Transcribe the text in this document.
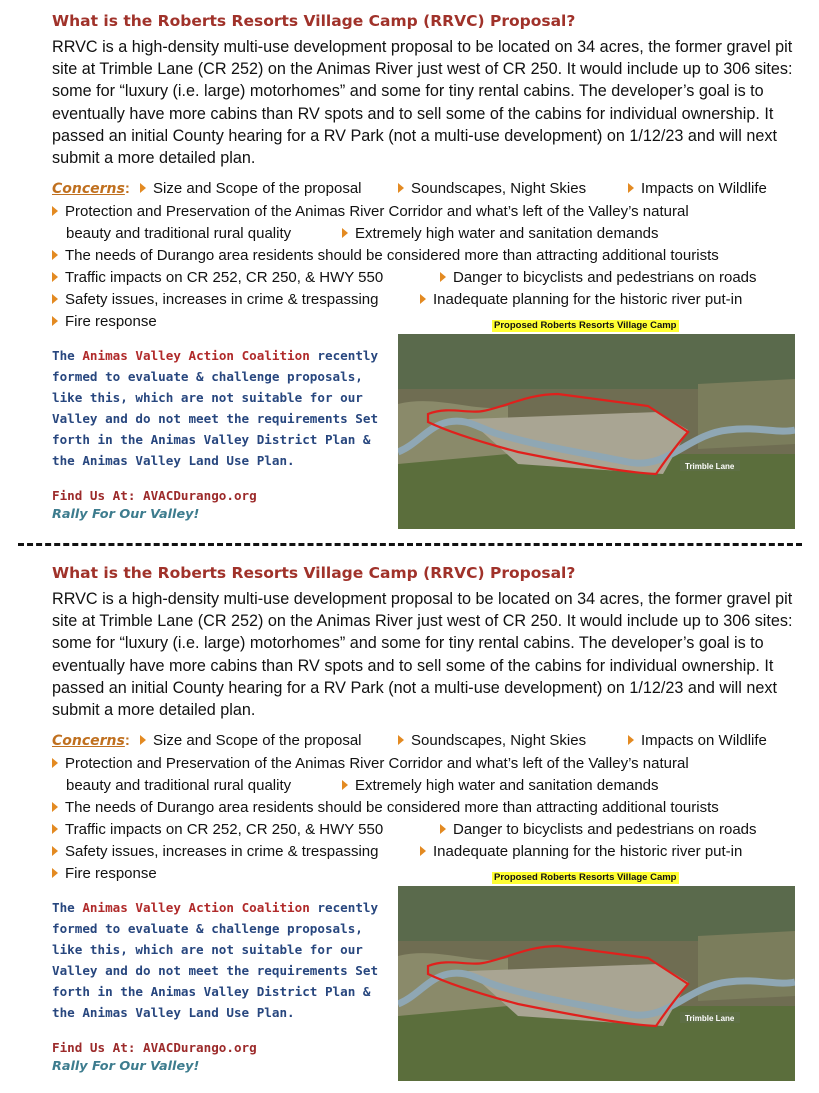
What is the Roberts Resorts Village Camp (RRVC) Proposal?

RRVC is a high-density multi-use development proposal to be located on 34 acres, the former gravel pit site at Trimble Lane (CR 252) on the Animas River just west of CR 250. It would include up to 306 sites: some for “luxury (i.e. large) motorhomes” and some for tiny rental cabins. The developer’s goal is to eventually have more cabins than RV spots and to sell some of the cabins for individual ownership. It passed an initial County hearing for a RV Park (not a multi-use development) on 1/12/23 and will next submit a more detailed plan.

Concerns: Size and Scope of the proposal	Soundscapes, Night Skies	Impacts on Wildlife
Protection and Preservation of the Animas River Corridor and what’s left of the Valley’s natural
beauty and traditional rural quality	Extremely high water and sanitation demands
The needs of Durango area residents should be considered more than attracting additional tourists
Traffic impacts on CR 252, CR 250, & HWY 550	Danger to bicyclists and pedestrians on roads
Safety issues, increases in crime & trespassing	Inadequate planning for the historic river put-in
Fire response

The Animas Valley Action Coalition recently formed to evaluate & challenge proposals, like this, which are not suitable for our Valley and do not meet the requirements Set forth in the Animas Valley District Plan & the Animas Valley Land Use Plan.

Find Us At: AVACDurango.org
Rally For Our Valley!
Proposed Roberts Resorts Village Camp
Trimble Lane
What is the Roberts Resorts Village Camp (RRVC) Proposal?

RRVC is a high-density multi-use development proposal to be located on 34 acres, the former gravel pit site at Trimble Lane (CR 252) on the Animas River just west of CR 250. It would include up to 306 sites: some for “luxury (i.e. large) motorhomes” and some for tiny rental cabins. The developer’s goal is to eventually have more cabins than RV spots and to sell some of the cabins for individual ownership. It passed an initial County hearing for a RV Park (not a multi-use development) on 1/12/23 and will next submit a more detailed plan.

Concerns: Size and Scope of the proposal	Soundscapes, Night Skies	Impacts on Wildlife
Protection and Preservation of the Animas River Corridor and what’s left of the Valley’s natural
beauty and traditional rural quality	Extremely high water and sanitation demands
The needs of Durango area residents should be considered more than attracting additional tourists
Traffic impacts on CR 252, CR 250, & HWY 550	Danger to bicyclists and pedestrians on roads
Safety issues, increases in crime & trespassing	Inadequate planning for the historic river put-in
Fire response

The Animas Valley Action Coalition recently formed to evaluate & challenge proposals, like this, which are not suitable for our Valley and do not meet the requirements Set forth in the Animas Valley District Plan & the Animas Valley Land Use Plan.

Find Us At: AVACDurango.org
Rally For Our Valley!
Proposed Roberts Resorts Village Camp
Trimble Lane
